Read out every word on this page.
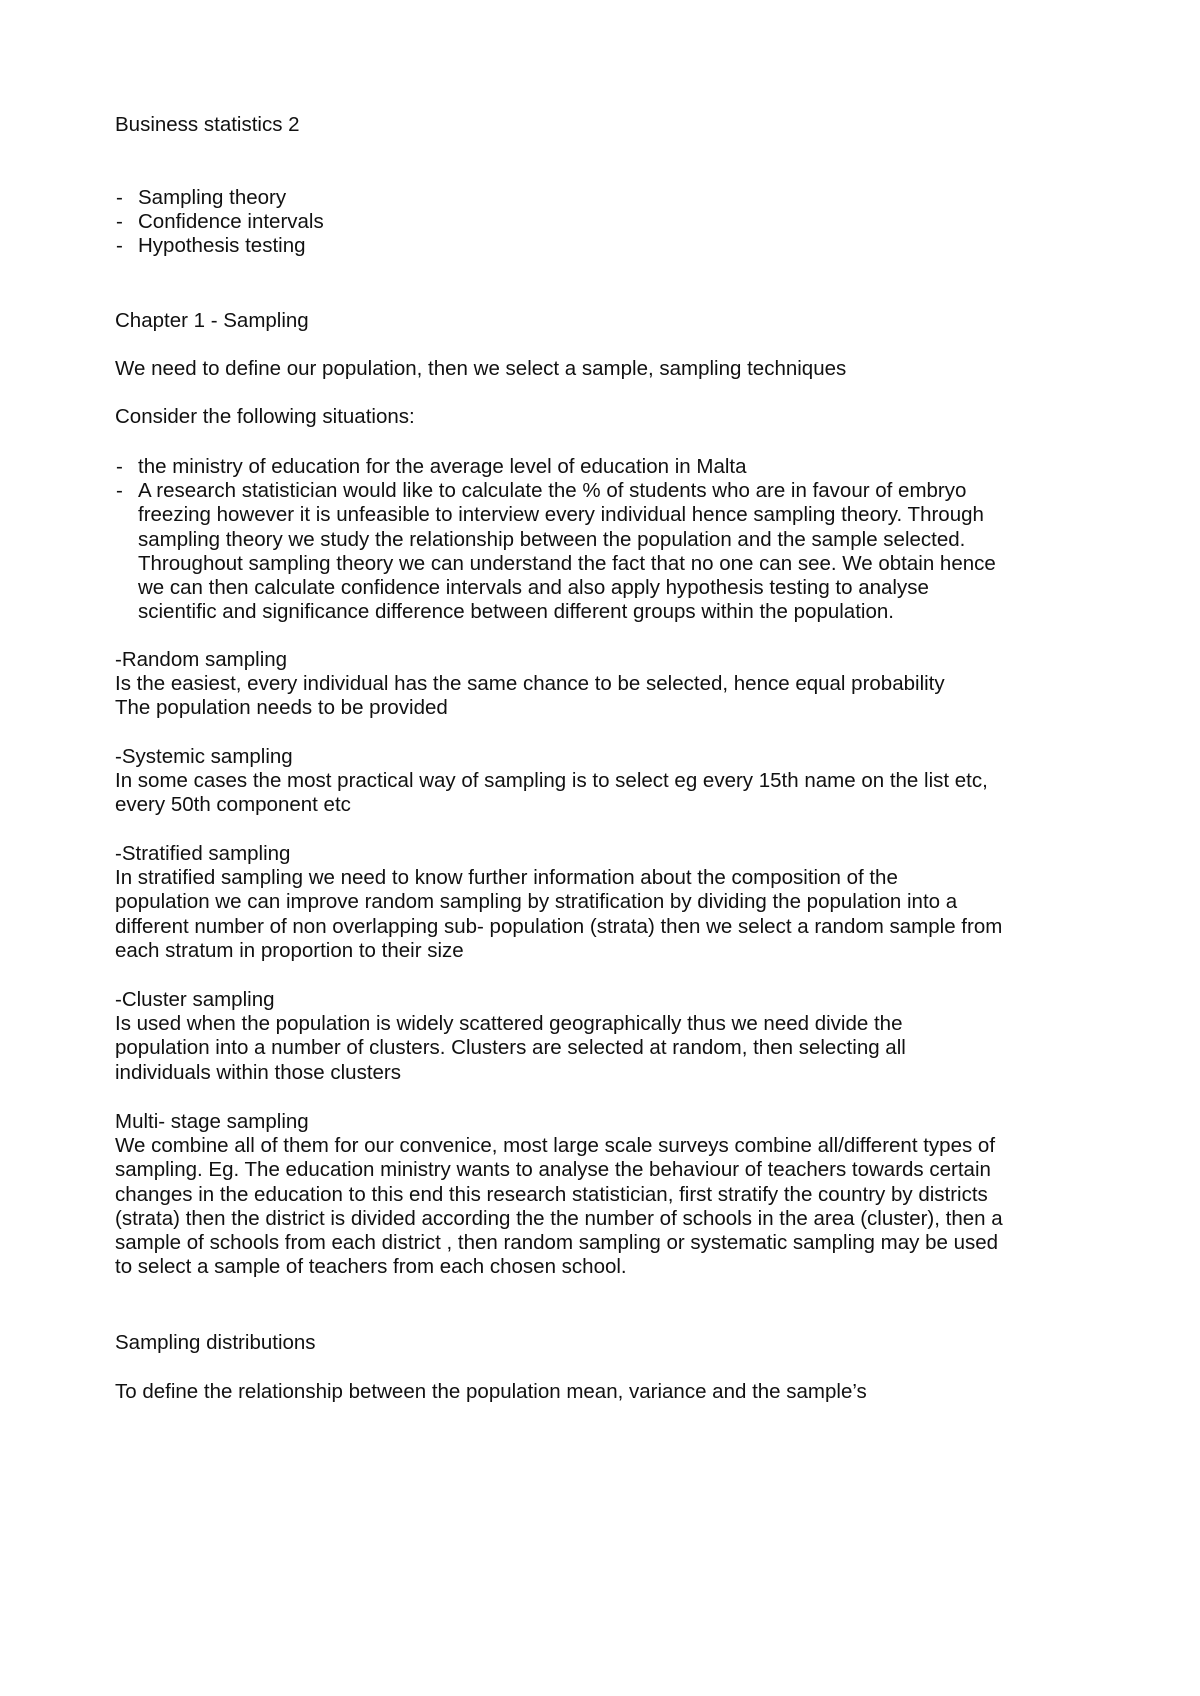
Business statistics 2
- Sampling theory
- Confidence intervals
- Hypothesis testing
Chapter 1 - Sampling
We need to define our population, then we select a sample, sampling techniques
Consider the following situations:
- the ministry of education for the average level of education in Malta
- A research statistician would like to calculate the % of students who are in favour of embryo
freezing however it is unfeasible to interview every individual hence sampling theory. Through
sampling theory we study the relationship between the population and the sample selected.
Throughout sampling theory we can understand the fact that no one can see. We obtain hence
we can then calculate confidence intervals and also apply hypothesis testing to analyse
scientific and significance difference between different groups within the population.
-Random sampling
Is the easiest, every individual has the same chance to be selected, hence equal probability
The population needs to be provided
-Systemic sampling
In some cases the most practical way of sampling is to select eg every 15th name on the list etc,
every 50th component etc
-Stratified sampling
In stratified sampling we need to know further information about the composition of the
population we can improve random sampling by stratification by dividing the population into a
different number of non overlapping sub- population (strata) then we select a random sample from
each stratum in proportion to their size
-Cluster sampling
Is used when the population is widely scattered geographically thus we need divide the
population into a number of clusters. Clusters are selected at random, then selecting all
individuals within those clusters
Multi- stage sampling
We combine all of them for our convenice, most large scale surveys combine all/different types of
sampling. Eg. The education ministry wants to analyse the behaviour of teachers towards certain
changes in the education to this end this research statistician, first stratify the country by districts
(strata) then the district is divided according the the number of schools in the area (cluster), then a
sample of schools from each district , then random sampling or systematic sampling may be used
to select a sample of teachers from each chosen school.
Sampling distributions
To define the relationship between the population mean, variance and the sample’s
